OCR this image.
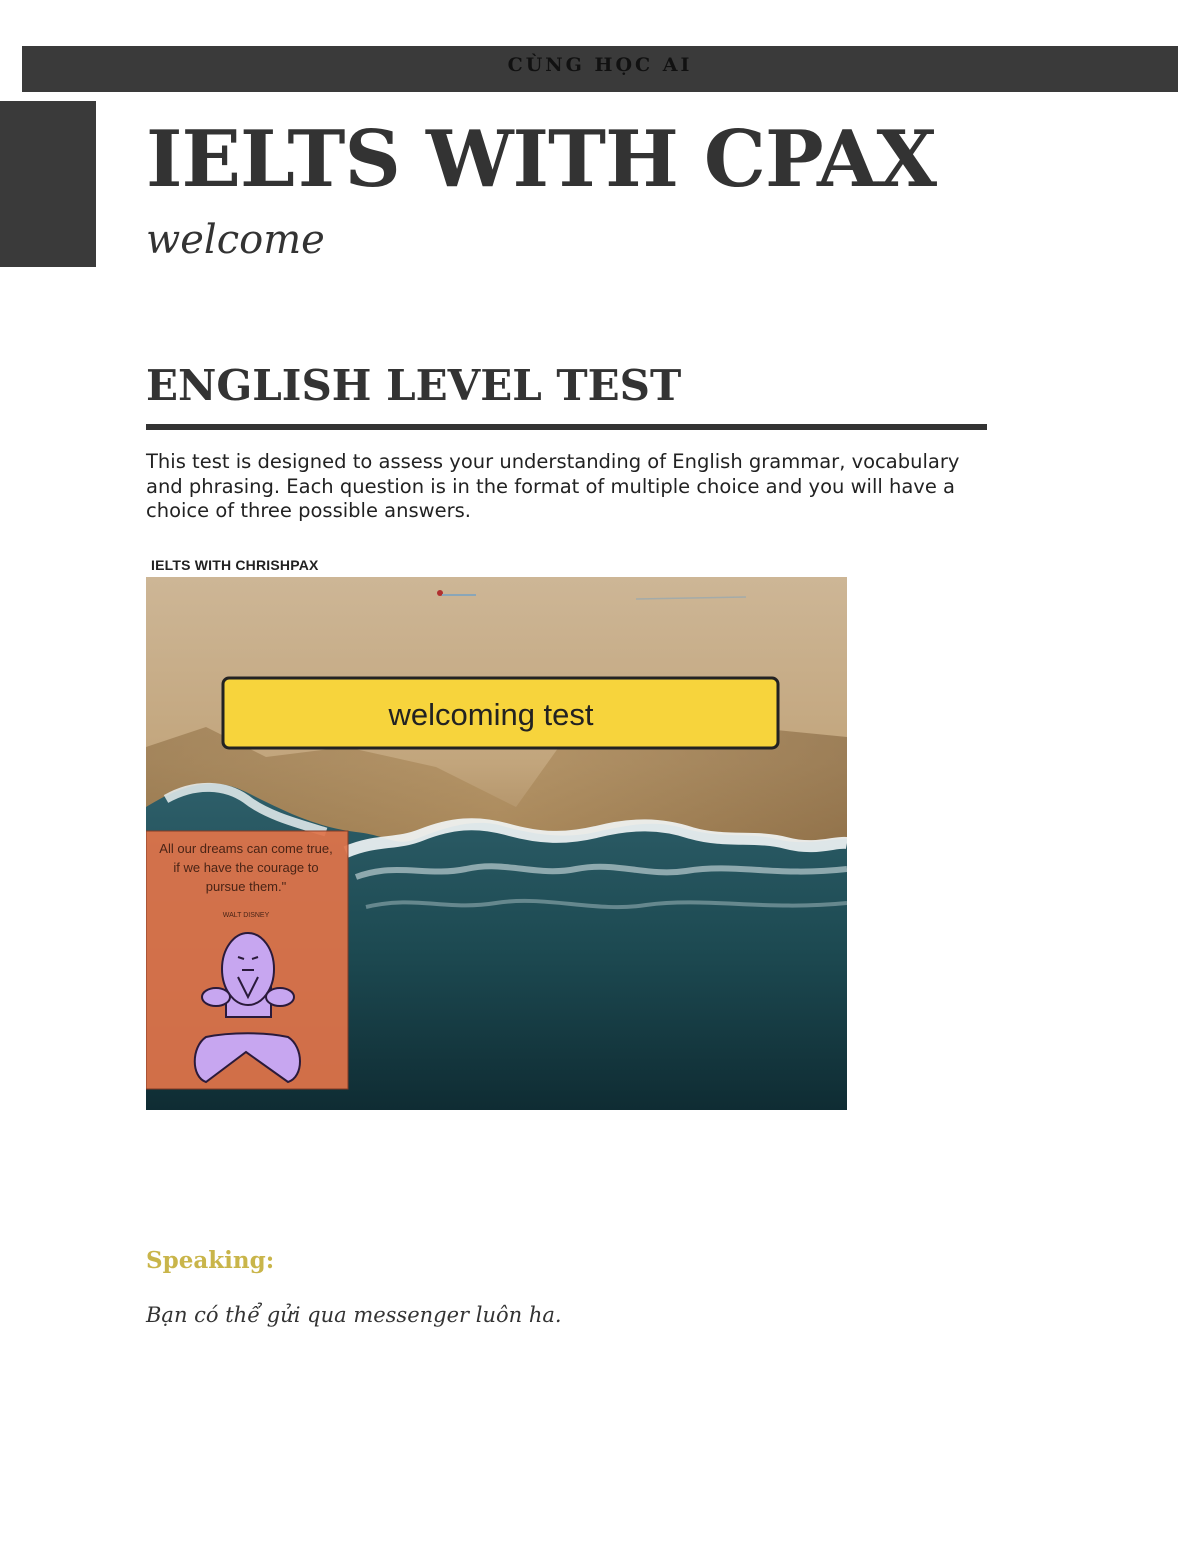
CÙNG HỌC AI
IELTS WITH CPAX

welcome

ENGLISH LEVEL TEST

This test is designed to assess your understanding of English grammar, vocabulary and phrasing. Each question is in the format of multiple choice and you will have a choice of three possible answers.

IELTS WITH CHRISHPAX

welcoming test
All our dreams can come true,
if we have the courage to
pursue them."
WALT DISNEY

Speaking:

Bạn có thể gửi qua messenger luôn ha.
